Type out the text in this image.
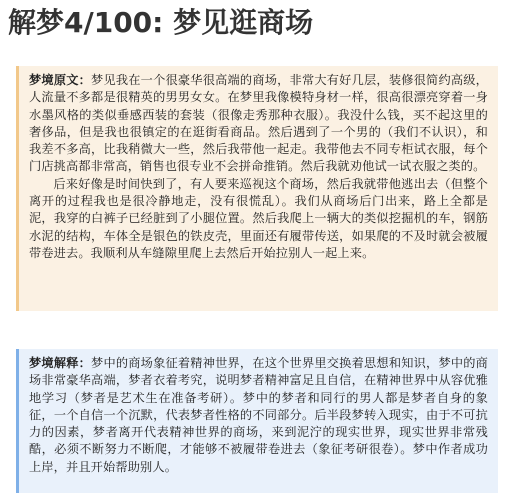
解梦4/100: 梦见逛商场

梦境原文：梦见我在一个很豪华很高端的商场，非常大有好几层，装修很简约高级，人流量不多都是很精英的男男女女。在梦里我像模特身材一样，很高很漂亮穿着一身水墨风格的类似垂感西装的套装（很像走秀那种衣服）。我没什么钱，买不起这里的奢侈品，但是我也很镇定的在逛街看商品。然后遇到了一个男的（我们不认识），和我差不多高，比我稍微大一些，然后我带他一起走。我带他去不同专柜试衣服，每个门店挑高都非常高，销售也很专业不会拼命推销。然后我就劝他试一试衣服之类的。

后来好像是时间快到了，有人要来巡视这个商场，然后我就带他逃出去（但整个离开的过程我也是很冷静地走，没有很慌乱）。我们从商场后门出来，路上全都是泥，我穿的白裤子已经脏到了小腿位置。然后我爬上一辆大的类似挖掘机的车，钢筋水泥的结构，车体全是银色的铁皮壳，里面还有履带传送，如果爬的不及时就会被履带卷进去。我顺利从车缝隙里爬上去然后开始拉别人一起上来。

梦境解释：梦中的商场象征着精神世界，在这个世界里交换着思想和知识，梦中的商场非常豪华高端，梦者衣着考究，说明梦者精神富足且自信，在精神世界中从容优雅地学习（梦者是艺术生在准备考研）。梦中的梦者和同行的男人都是梦者自身的象征，一个自信一个沉默，代表梦者性格的不同部分。后半段梦转入现实，由于不可抗力的因素，梦者离开代表精神世界的商场，来到泥泞的现实世界，现实世界非常残酷，必须不断努力不断爬，才能够不被履带卷进去（象征考研很卷）。梦中作者成功上岸，并且开始帮助别人。
